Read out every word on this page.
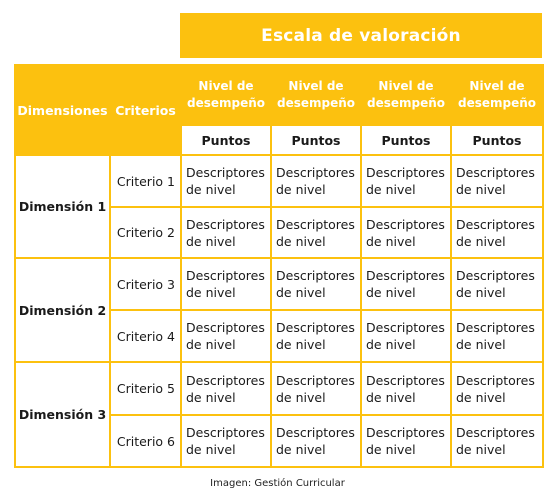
Escala de valoración
Dimensiones	Criterios	Nivel de desempeño	Nivel de desempeño	Nivel de desempeño	Nivel de desempeño
		Puntos	Puntos	Puntos	Puntos
Dimensión 1	Criterio 1	Descriptores de nivel	Descriptores de nivel	Descriptores de nivel	Descriptores de nivel
	Criterio 2	Descriptores de nivel	Descriptores de nivel	Descriptores de nivel	Descriptores de nivel
Dimensión 2	Criterio 3	Descriptores de nivel	Descriptores de nivel	Descriptores de nivel	Descriptores de nivel
	Criterio 4	Descriptores de nivel	Descriptores de nivel	Descriptores de nivel	Descriptores de nivel
Dimensión 3	Criterio 5	Descriptores de nivel	Descriptores de nivel	Descriptores de nivel	Descriptores de nivel
	Criterio 6	Descriptores de nivel	Descriptores de nivel	Descriptores de nivel	Descriptores de nivel
Imagen: Gestión Curricular
